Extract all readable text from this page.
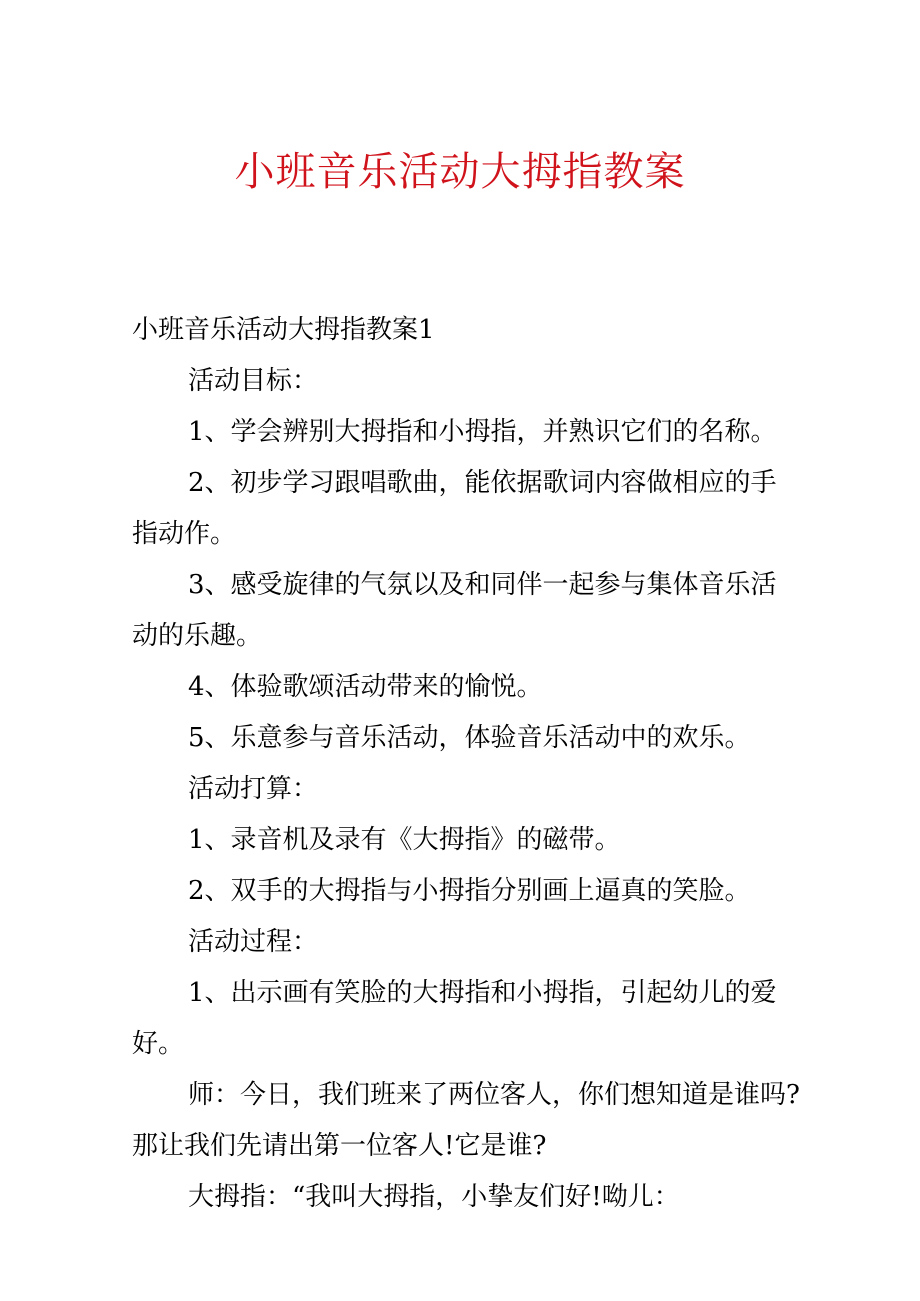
小班音乐活动大拇指教案

小班音乐活动大拇指教案1

活动目标：

1、学会辨别大拇指和小拇指，并熟识它们的名称。

2、初步学习跟唱歌曲，能依据歌词内容做相应的手指动作。

3、感受旋律的气氛以及和同伴一起参与集体音乐活动的乐趣。

4、体验歌颂活动带来的愉悦。

5、乐意参与音乐活动，体验音乐活动中的欢乐。

活动打算：

1、录音机及录有《大拇指》的磁带。

2、双手的大拇指与小拇指分别画上逼真的笑脸。

活动过程：

1、出示画有笑脸的大拇指和小拇指，引起幼儿的爱好。

师：今日，我们班来了两位客人，你们想知道是谁吗?那让我们先请出第一位客人!它是谁?

大拇指：“我叫大拇指，小挚友们好!呦儿：
